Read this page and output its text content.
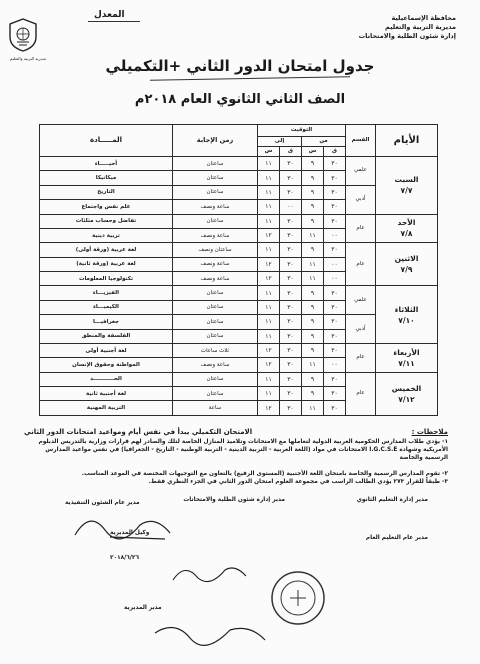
محافظة الإسماعيلية
مديرية التربية والتعليم
إدارة شئون الطلبة والامتحانات
المعدل
مديرية التربية والتعليم	جدول امتحان الدور الثاني +التكميلي
الصف الثاني الثانوي العام ٢٠١٨م
الأيام	القسم	التوقيت				زمن الإجابة	المـــــادة
		من		إلى			
		ق	س	ق	س		

السبت
٧/٧	علمي	٣٠	٩	٣٠	١١	ساعتان	أحيـــــاء
		٣٠	٩	٣٠	١١	ساعتان	ميكانيكا
	أدبي	٣٠	٩	٣٠	١١	ساعتان	التاريخ
		٣٠	٩	٠٠	١١	ساعة ونصف	علم نفس واجتماع

الأحد
٧/٨	عام	٣٠	٩	٣٠	١١	ساعتان	تفاضل وحساب مثلثات
		٠٠	١١	٣٠	١٢	ساعة ونصف	تربية دينية

الاثنين
٧/٩	عام	٣٠	٩	٣٠	١١	ساعتان ونصف	لغة عربية (ورقة أولى)
		٠٠	١١	٣٠	١٢	ساعة ونصف	لغة عربية (ورقة ثانية)
		٠٠	١١	٣٠	١٢	ساعة ونصف	تكنولوجيا المعلومات

الثلاثاء
٧/١٠	علمي	٣٠	٩	٣٠	١١	ساعتان	الفيزيـــاء
		٣٠	٩	٣٠	١١	ساعتان	الكيميـــاء
	أدبي	٣٠	٩	٣٠	١١	ساعتان	جغرافيـــا
		٣٠	٩	٣٠	١١	ساعتان	الفلسفة والمنطق

الأربعاء
٧/١١	عام	٣٠	٩	٣٠	١٢	ثلاث ساعات	لغة أجنبية أولى
		٠٠	١١	٣٠	١٢	ساعة ونصف	المواطنة وحقوق الإنسان

الخميس
٧/١٢	عام	٣٠	٩	٣٠	١١	ساعتان	الحـــــــــــد
		٣٠	٩	٣٠	١١	ساعتان	لغة أجنبية ثانية
		٣٠	١١	٣٠	١٢	ساعة	التربية المهنية
ملاحظات :
الامتحان التكميلي يبدأ في نفس أيام ومواعيد امتحانات الدور الثاني
١- يؤدي طلاب المدارس الحكومية العربية الدولية لتعاملها مع الامتحانات وتلاميذ المنازل الخاصة لتلك والصادر لهم قرارات وزارية بالتدريس الدبلوم الأمريكية وشهادة I.G.C.S.E الامتحانات في مواد (اللغة العربية - التربية الدينية - التربية الوطنية - التاريخ - الجغرافيا) في نفس مواعيد المدارس الرسمية والخاصة
٢- تقوم المدارس الرسمية والخاصة بامتحان اللغة الأجنبية (المستوى الرفيع) بالتعاون مع التوجيهات المختصة في الموعد المناسب.
٣- طبقاً للقرار ٢٧٣ يؤدي الطالب الراسب في مجموعة العلوم امتحان الدور الثاني في الجزء النظري فقط.
مدير إدارة التعليم الثانوي
مدير إدارة شئون الطلبة والامتحانات
مدير عام الشئون التنفيذية
مدير عام التعليم العام
وكيل المديرية
٢٠١٨/٦/٢٦
مدير المديرية
